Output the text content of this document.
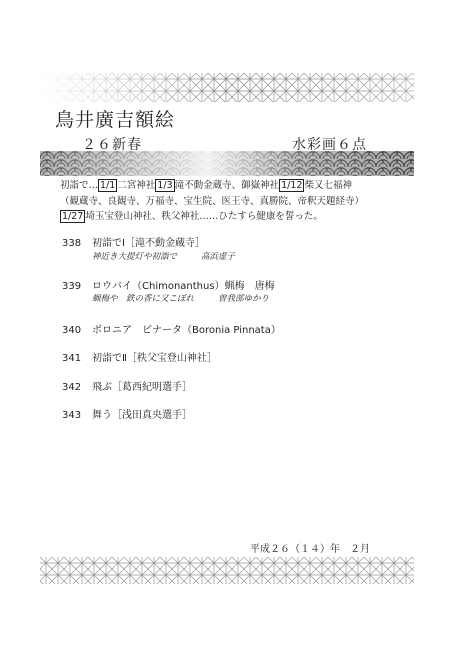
鳥井廣吉額絵
２６新春	水彩画６点
初詣で… 1/1 二宮神社 1/3 滝不動金蔵寺、御嶽神社 1/12 柴又七福神
（観蔵寺、良観寺、万福寺、宝生院、医王寺、真勝院、帝釈天題経寺）
1/27 埼玉宝登山神社、秩父神社……ひたすら健康を誓った。
338 初詣でⅠ［滝不動金蔵寺］
神近き大提灯や初詣で	高浜虚子
339 ロウバイ（Chimonanthus）蝋梅　唐梅
蝋梅や　鉄の香に又こぼれ	曽我部ゆかり
340 ボロニア　ピナータ（Boronia Pinnata）
341 初詣でⅡ［秩父宝登山神社］
342 飛ぶ［葛西紀明選手］
343 舞う［浅田真央選手］
平成２６（１４）年　２月
